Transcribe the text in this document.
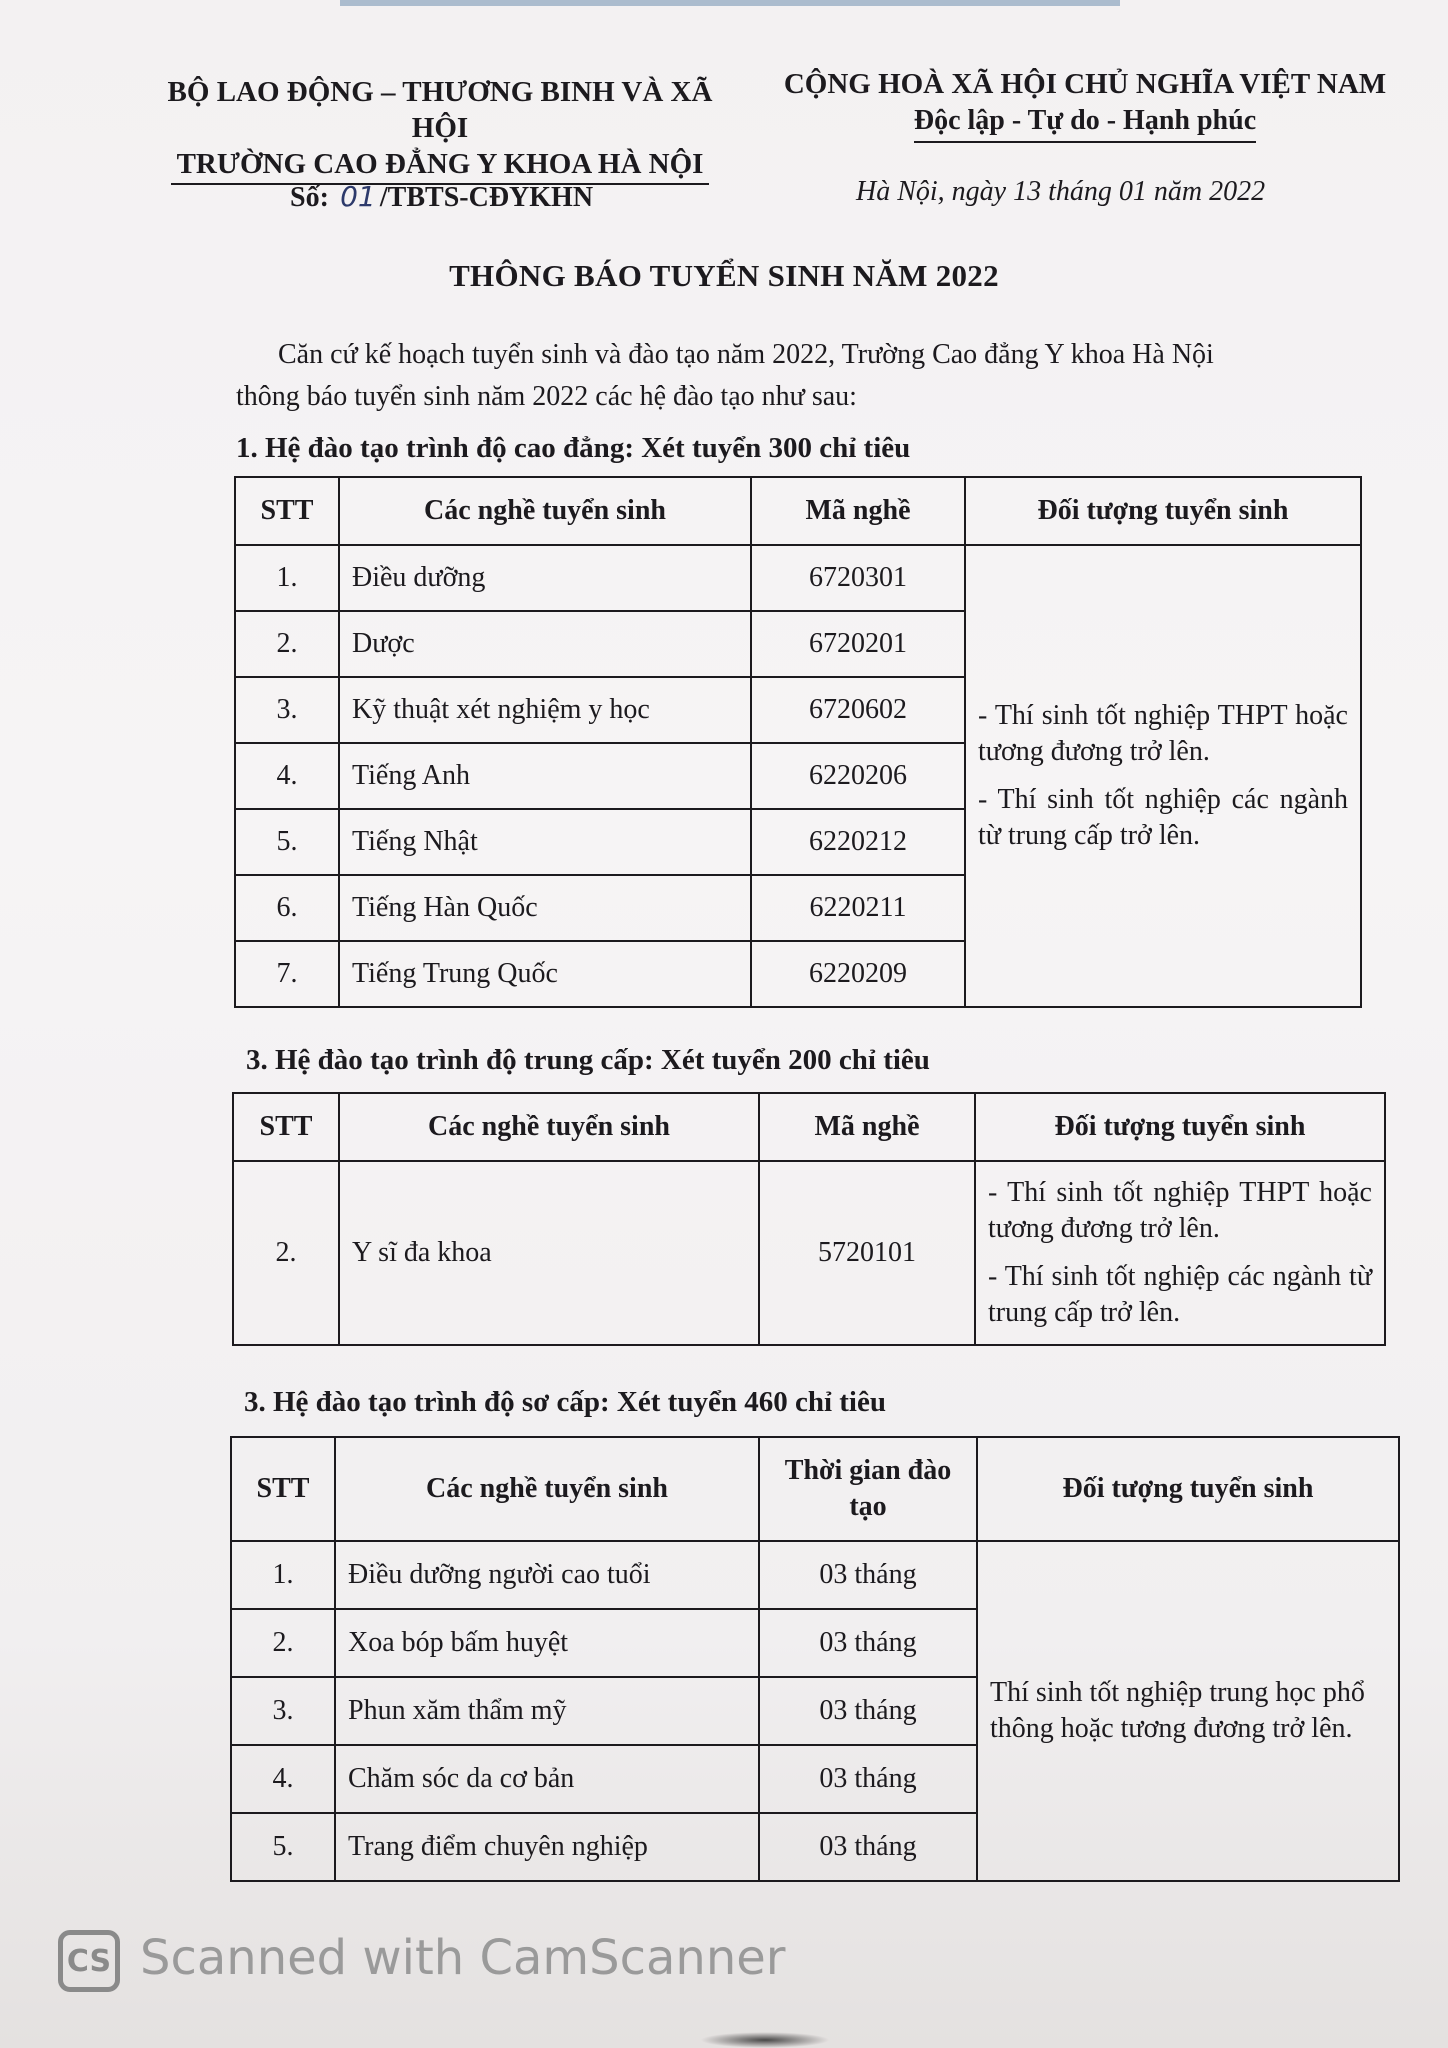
BỘ LAO ĐỘNG – THƯƠNG BINH VÀ XÃ HỘI
TRƯỜNG CAO ĐẲNG Y KHOA HÀ NỘI
CỘNG HOÀ XÃ HỘI CHỦ NGHĨA VIỆT NAM
Độc lập - Tự do - Hạnh phúc
Số: 01 /TBTS-CĐYKHN	Hà Nội, ngày 13 tháng 01 năm 2022
THÔNG BÁO TUYỂN SINH NĂM 2022
Căn cứ kế hoạch tuyển sinh và đào tạo năm 2022, Trường Cao đẳng Y khoa Hà Nội
thông báo tuyển sinh năm 2022 các hệ đào tạo như sau:
1. Hệ đào tạo trình độ cao đẳng: Xét tuyển 300 chỉ tiêu
STT	Các nghề tuyển sinh	Mã nghề	Đối tượng tuyển sinh
1.	Điều dưỡng	6720301	- Thí sinh tốt nghiệp THPT hoặc tương đương trở lên.

- Thí sinh tốt nghiệp các ngành từ trung cấp trở lên.

2.	Dược	6720201	
3.	Kỹ thuật xét nghiệm y học	6720602	
4.	Tiếng Anh	6220206	
5.	Tiếng Nhật	6220212	
6.	Tiếng Hàn Quốc	6220211	
7.	Tiếng Trung Quốc	6220209	
3. Hệ đào tạo trình độ trung cấp: Xét tuyển 200 chỉ tiêu
STT	Các nghề tuyển sinh	Mã nghề	Đối tượng tuyển sinh
2.	Y sĩ đa khoa	5720101	- Thí sinh tốt nghiệp THPT hoặc tương đương trở lên.

- Thí sinh tốt nghiệp các ngành từ trung cấp trở lên.

3. Hệ đào tạo trình độ sơ cấp: Xét tuyển 460 chỉ tiêu
STT	Các nghề tuyển sinh	Thời gian đào tạo	Đối tượng tuyển sinh
1.	Điều dưỡng người cao tuổi	03 tháng	Thí sinh tốt nghiệp trung học phổ thông hoặc tương đương trở lên.

2.	Xoa bóp bấm huyệt	03 tháng	
3.	Phun xăm thẩm mỹ	03 tháng	
4.	Chăm sóc da cơ bản	03 tháng	
5.	Trang điểm chuyên nghiệp	03 tháng	
CS Scanned with CamScanner
